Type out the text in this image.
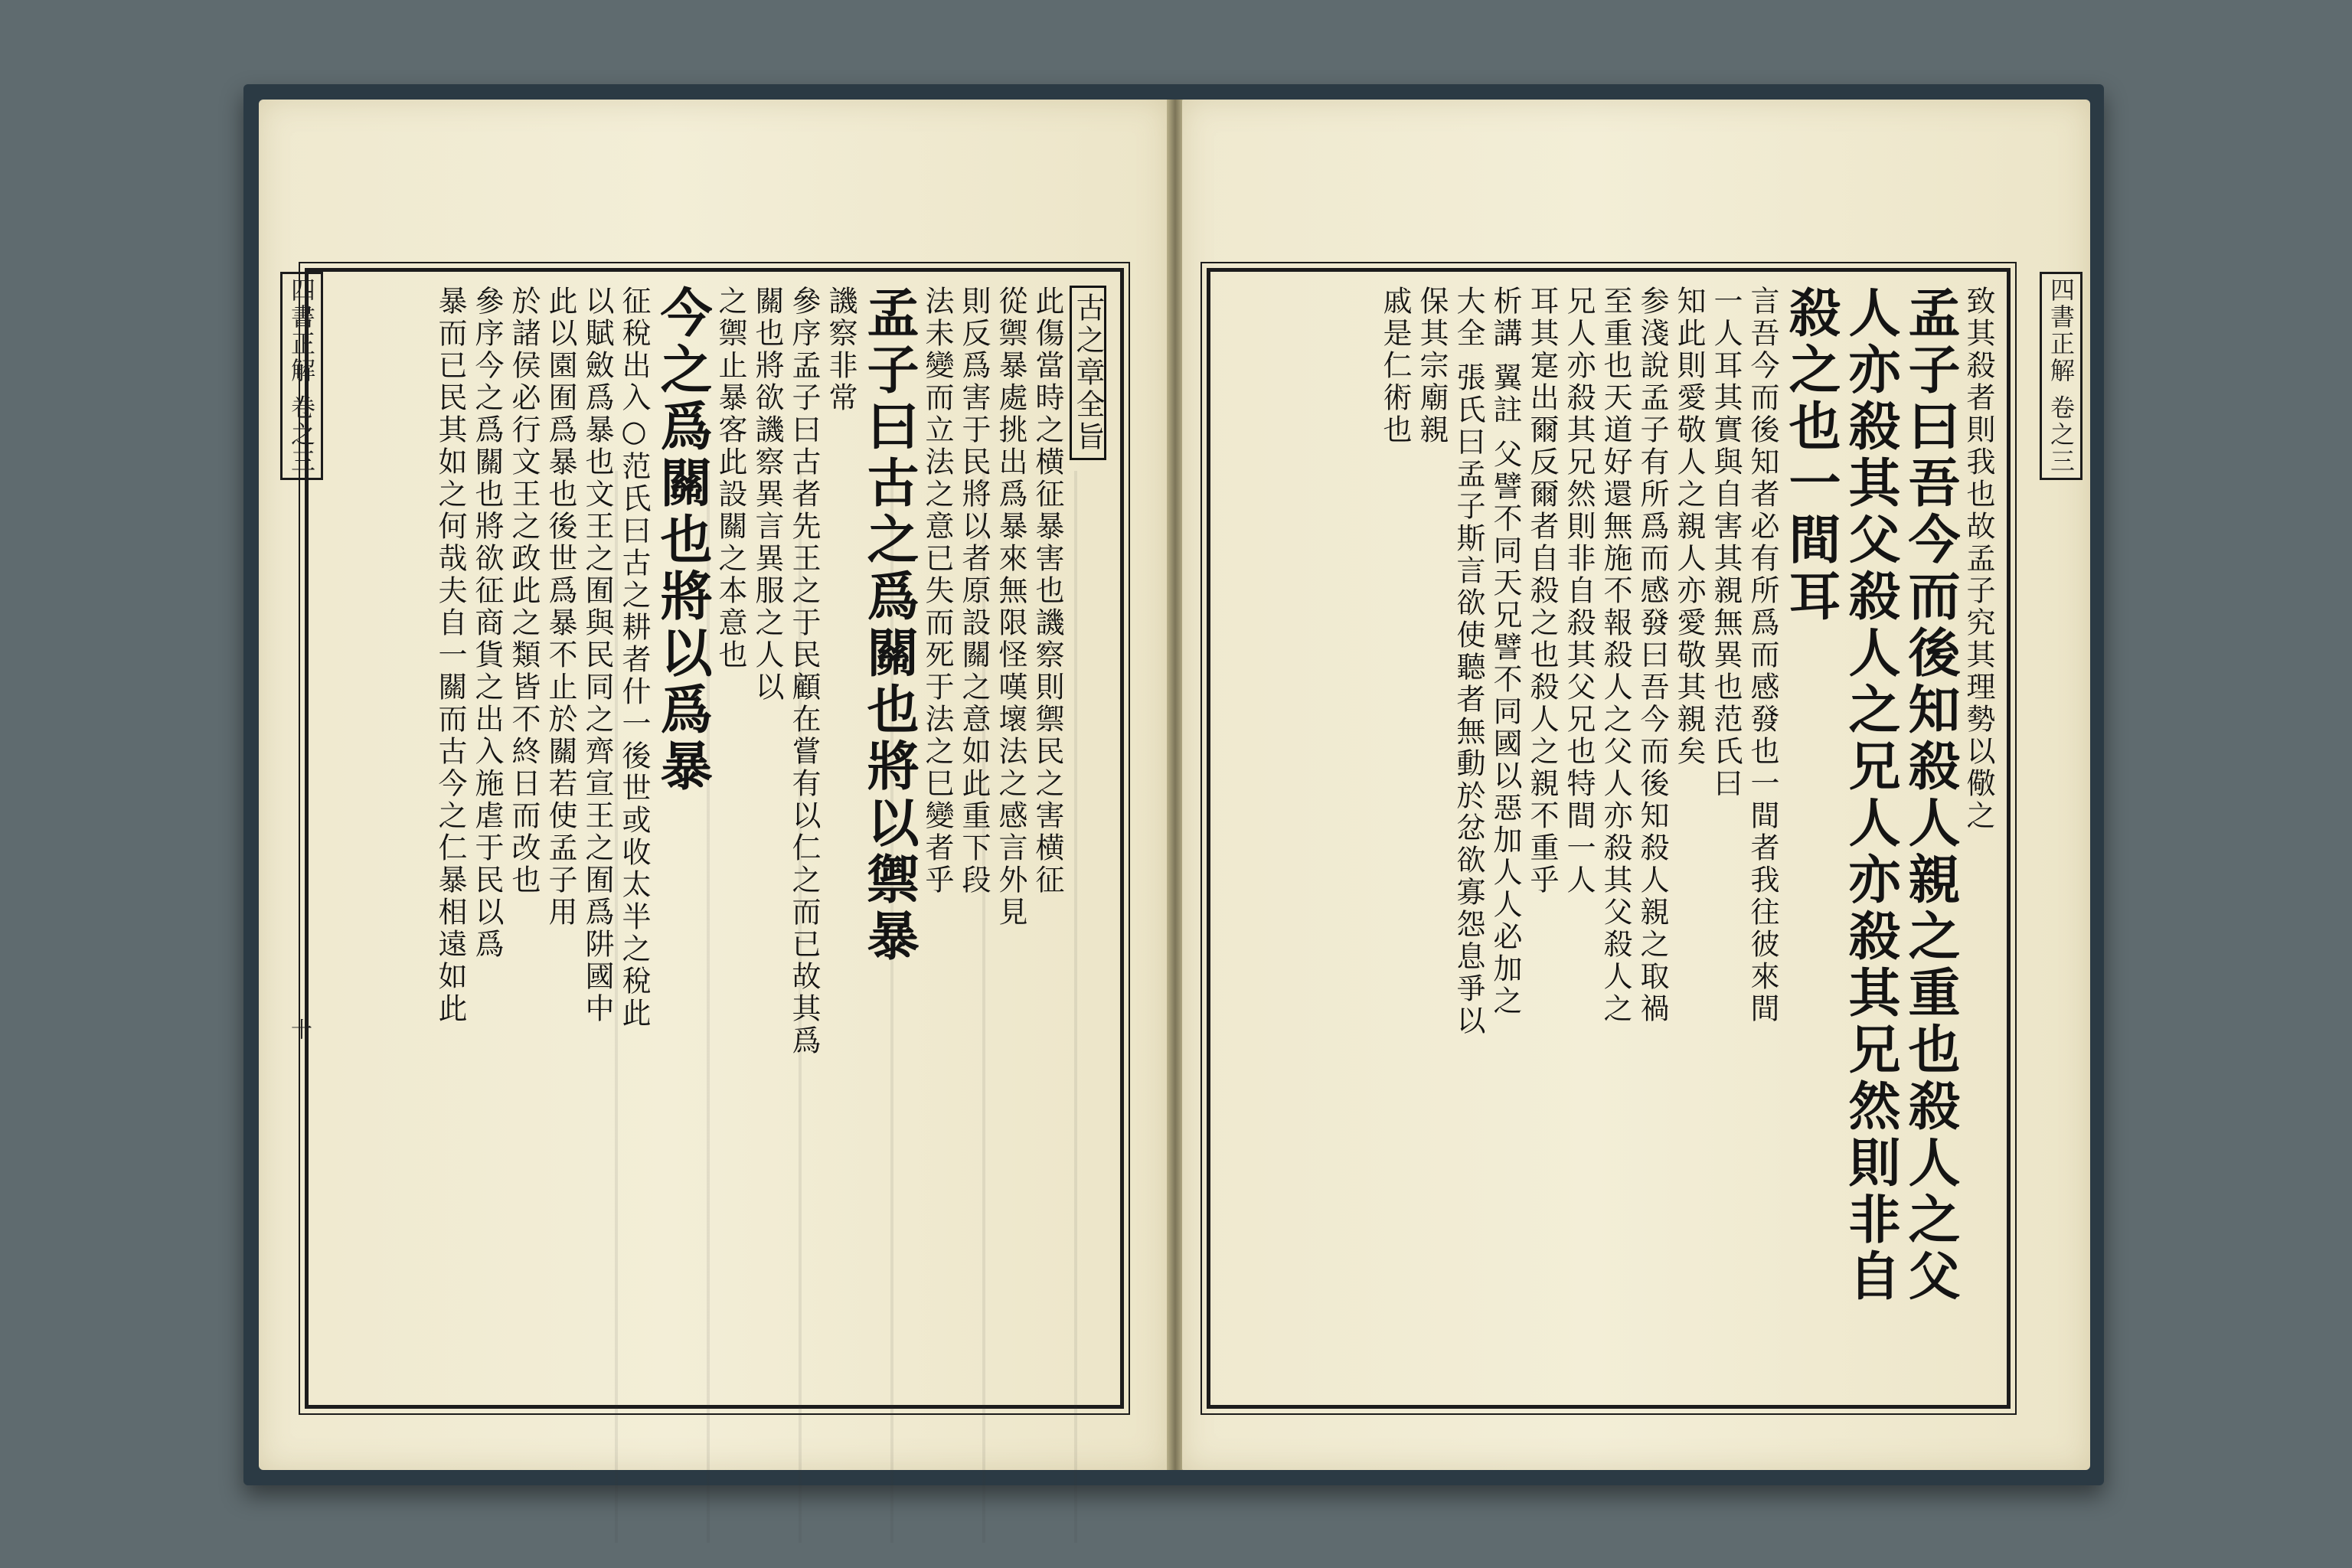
四書正解 卷之三
十
古之章全旨
此傷當時之横征暴害也譏察則禦民之害横征
從禦暴處挑出爲暴來無限怪嘆壞法之感言外見
則反爲害于民將以者原設關之意如此重下段
法未變而立法之意已失而死于法之巳變者乎
孟子曰古之爲關也將以禦暴
譏察非常
參序孟子曰古者先王之于民顧在嘗有以仁之而已故其爲
關也將欲譏察異言異服之人以
之禦止暴客此設關之本意也
今之爲關也將以爲暴
征稅出入○范氏曰古之耕者什一後世或收太半之稅此
以賦斂爲暴也文王之囿與民同之齊宣王之囿爲阱國中
此以園囿爲暴也後世爲暴不止於關若使孟子用
於諸侯必行文王之政此之類皆不終日而改也
參序今之爲關也將欲征商貨之出入施虐于民以爲
暴而已民其如之何哉夫自一關而古今之仁暴相遠如此	四書正解 卷之三
致其殺者則我也故孟子究其理勢以儆之
孟子曰吾今而後知殺人親之重也殺人之父
人亦殺其父殺人之兄人亦殺其兄然則非自
殺之也一間耳
言吾今而後知者必有所爲而感發也一間者我往彼來間
一人耳其實與自害其親無異也范氏曰
知此則愛敬人之親人亦愛敬其親矣
参淺說孟子有所爲而感發曰吾今而後知殺人親之取禍
至重也天道好還無施不報殺人之父人亦殺其父殺人之
兄人亦殺其兄然則非自殺其父兄也特間一人
耳其寔出爾反爾者自殺之也殺人之親不重乎
析講 翼註 父譬不同天兄譬不同國以惡加人人必加之
大全 張氏曰孟子斯言欲使聽者無動於忿欲寡怨息爭以
保其宗廟親
戚是仁術也
